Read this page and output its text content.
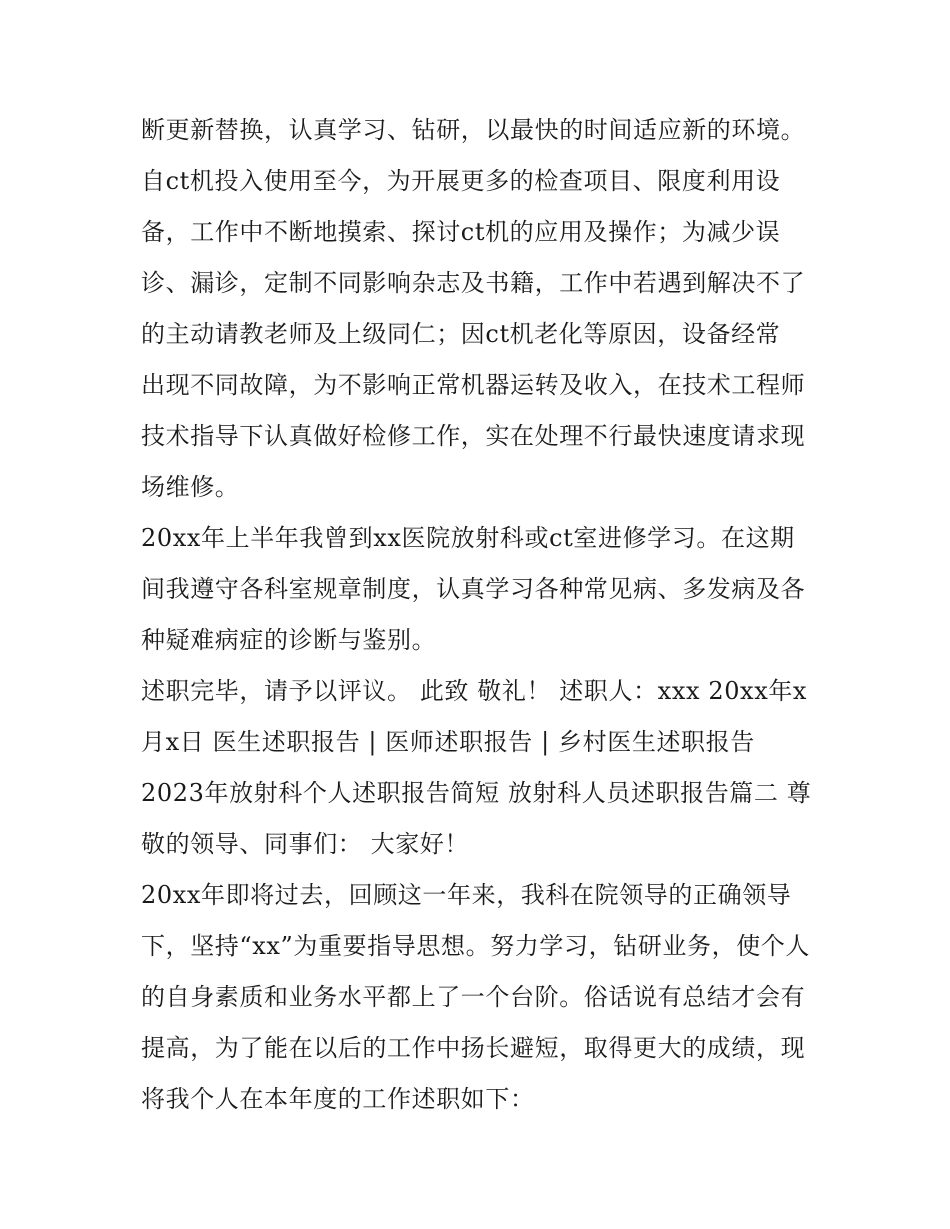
断更新替换，认真学习、钻研，以最快的时间适应新的环境。

自ct机投入使用至今，为开展更多的检查项目、限度利用设
备，工作中不断地摸索、探讨ct机的应用及操作；为减少误
诊、漏诊，定制不同影响杂志及书籍，工作中若遇到解决不了
的主动请教老师及上级同仁；因ct机老化等原因，设备经常
出现不同故障，为不影响正常机器运转及收入，在技术工程师
技术指导下认真做好检修工作，实在处理不行最快速度请求现
场维修。

20xx年上半年我曾到xx医院放射科或ct室进修学习。在这期
间我遵守各科室规章制度，认真学习各种常见病、多发病及各
种疑难病症的诊断与鉴别。

述职完毕，请予以评议。 此致 敬礼！ 述职人：xxx 20xx年x
月x日 医生述职报告 | 医师述职报告 | 乡村医生述职报告
2023年放射科个人述职报告简短 放射科人员述职报告篇二 尊
敬的领导、同事们： 大家好！

20xx年即将过去，回顾这一年来，我科在院领导的正确领导
下，坚持“xx”为重要指导思想。努力学习，钻研业务，使个人
的自身素质和业务水平都上了一个台阶。俗话说有总结才会有
提高，为了能在以后的工作中扬长避短，取得更大的成绩，现
将我个人在本年度的工作述职如下：
